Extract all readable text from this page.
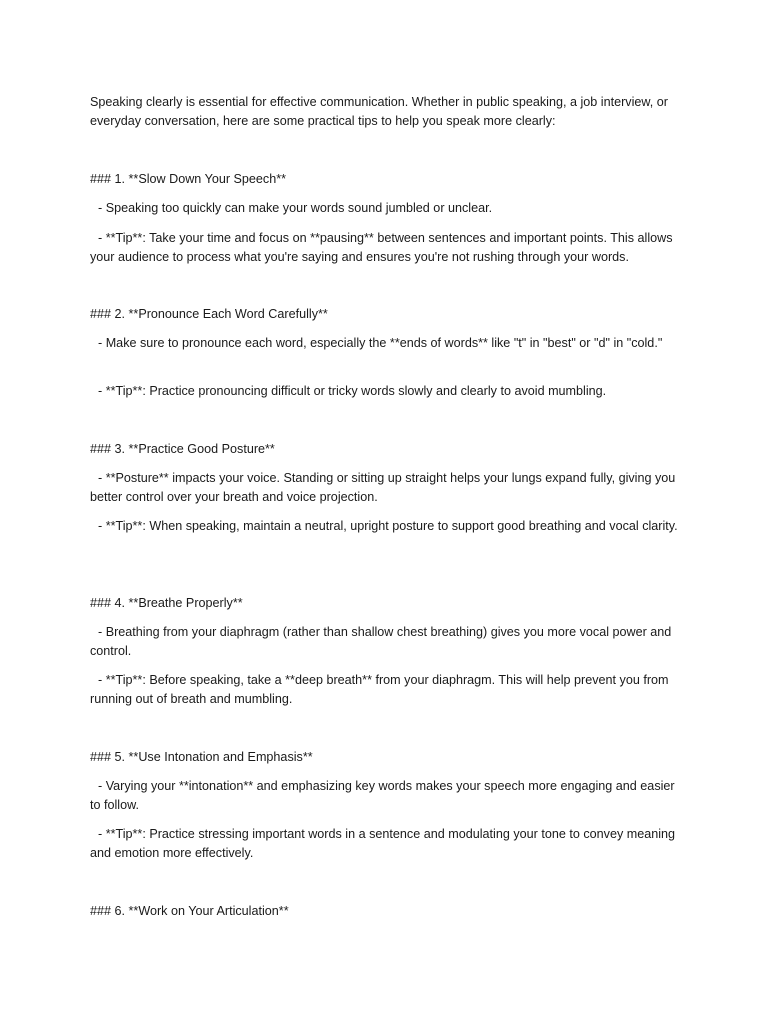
Speaking clearly is essential for effective communication. Whether in public speaking, a job interview, or everyday conversation, here are some practical tips to help you speak more clearly:

### 1. **Slow Down Your Speech**

- Speaking too quickly can make your words sound jumbled or unclear.

- **Tip**: Take your time and focus on **pausing** between sentences and important points. This allows your audience to process what you're saying and ensures you're not rushing through your words.

### 2. **Pronounce Each Word Carefully**

- Make sure to pronounce each word, especially the **ends of words** like "t" in "best" or "d" in "cold."

- **Tip**: Practice pronouncing difficult or tricky words slowly and clearly to avoid mumbling.

### 3. **Practice Good Posture**

- **Posture** impacts your voice. Standing or sitting up straight helps your lungs expand fully, giving you better control over your breath and voice projection.

- **Tip**: When speaking, maintain a neutral, upright posture to support good breathing and vocal clarity.

### 4. **Breathe Properly**

- Breathing from your diaphragm (rather than shallow chest breathing) gives you more vocal power and control.

- **Tip**: Before speaking, take a **deep breath** from your diaphragm. This will help prevent you from running out of breath and mumbling.

### 5. **Use Intonation and Emphasis**

- Varying your **intonation** and emphasizing key words makes your speech more engaging and easier to follow.

- **Tip**: Practice stressing important words in a sentence and modulating your tone to convey meaning and emotion more effectively.

### 6. **Work on Your Articulation**
